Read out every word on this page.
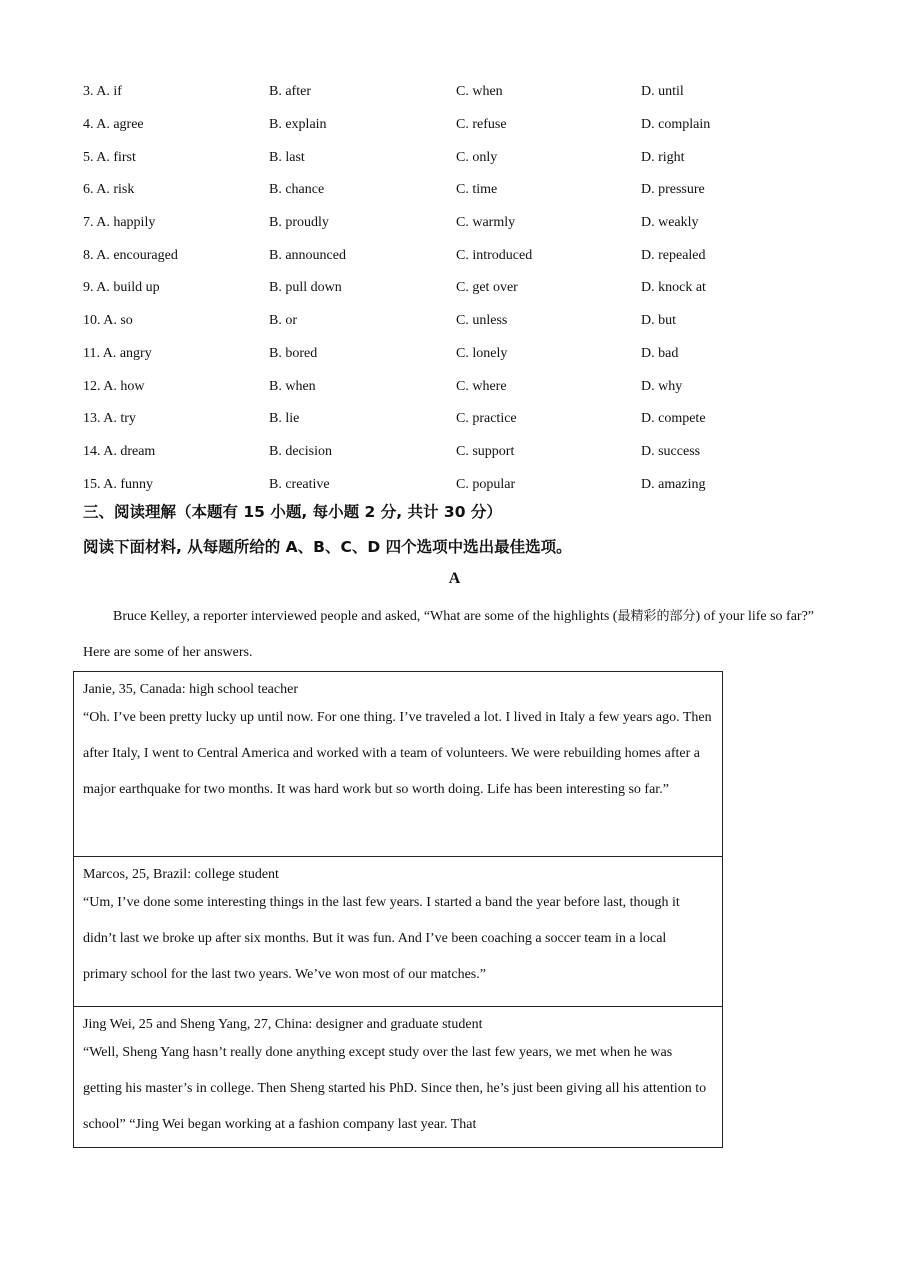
3. A. if	B. after	C. when	D. until
4. A. agree	B. explain	C. refuse	D. complain
5. A. first	B. last	C. only	D. right
6. A. risk	B. chance	C. time	D. pressure
7. A. happily	B. proudly	C. warmly	D. weakly
8. A. encouraged	B. announced	C. introduced	D. repealed
9. A. build up	B. pull down	C. get over	D. knock at
10. A. so	B. or	C. unless	D. but
11. A. angry	B. bored	C. lonely	D. bad
12. A. how	B. when	C. where	D. why
13. A. try	B. lie	C. practice	D. compete
14. A. dream	B. decision	C. support	D. success
15. A. funny	B. creative	C. popular	D. amazing
三、阅读理解（本题有 15 小题, 每小题 2 分, 共计 30 分）
阅读下面材料, 从每题所给的 A、B、C、D 四个选项中选出最佳选项。
A
Bruce Kelley, a reporter interviewed people and asked, “What are some of the highlights (最精彩的部分) of your life so far?” Here are some of her answers.
Janie, 35, Canada: high school teacher
“Oh. I’ve been pretty lucky up until now. For one thing. I’ve traveled a lot. I lived in Italy a few years ago. Then after Italy, I went to Central America and worked with a team of volunteers. We were rebuilding homes after a major earthquake for two months. It was hard work but so worth doing. Life has been interesting so far.”
Marcos, 25, Brazil: college student
“Um, I’ve done some interesting things in the last few years. I started a band the year before last, though it didn’t last we broke up after six months. But it was fun. And I’ve been coaching a soccer team in a local primary school for the last two years. We’ve won most of our matches.”
Jing Wei, 25 and Sheng Yang, 27, China: designer and graduate student
“Well, Sheng Yang hasn’t really done anything except study over the last few years, we met when he was getting his master’s in college. Then Sheng started his PhD. Since then, he’s just been giving all his attention to school” “Jing Wei began working at a fashion company last year. That
